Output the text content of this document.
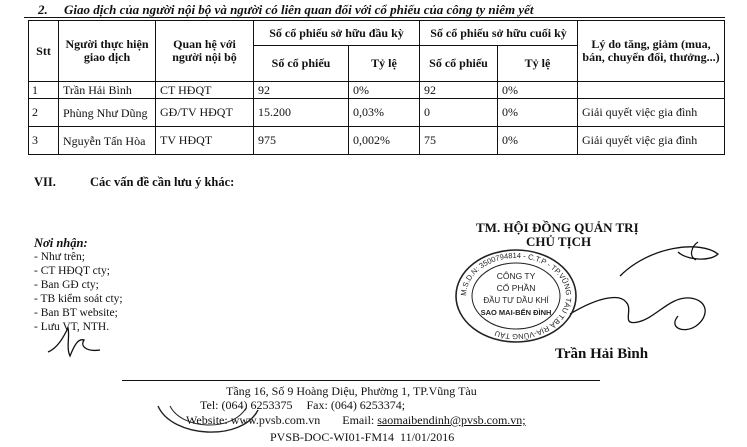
2. Giao dịch của người nội bộ và người có liên quan đối với cổ phiếu của công ty niêm yết
Stt	Người thực hiện giao dịch	Quan hệ với người nội bộ	Số cổ phiếu sở hữu đầu kỳ		Số cổ phiếu sở hữu cuối kỳ		Lý do tăng, giảm (mua, bán, chuyển đổi, thưởng...)
			Số cổ phiếu	Tỷ lệ	Số cổ phiếu	Tỷ lệ	
1	Trần Hải Bình	CT HĐQT	92	0%	92	0%	
2	Phùng Như Dũng	GĐ/TV HĐQT	15.200	0,03%	0	0%	Giải quyết việc gia đình
3	Nguyễn Tấn Hòa	TV HĐQT	975	0,002%	75	0%	Giải quyết việc gia đình
VII.	Các vấn đề cần lưu ý khác:
Nơi nhận:
- Như trên;
- CT HĐQT cty;
- Ban GĐ cty;
- TB kiểm soát cty;
- Ban BT website;
- Lưu VT, NTH.
TM. HỘI ĐỒNG QUẢN TRỊ
CHỦ TỊCH
M.S.D.N: 3500794814 - C.T.P - TP.VŨNG TÀU T.BÀ RỊA-VŨNG TÀU
CÔNG TY
CỔ PHẦN
ĐẦU TƯ DẦU KHÍ
SAO MAI-BẾN ĐÌNH
Trần Hải Bình
Tầng 16, Số 9 Hoàng Diệu, Phường 1, TP.Vũng Tàu
Tel: (064) 6253375 Fax: (064) 6253374;
Website: www.pvsb.com.vn Email: saomaibendinh@pvsb.com.vn;
PVSB-DOC-WI01-FM14 11/01/2016
